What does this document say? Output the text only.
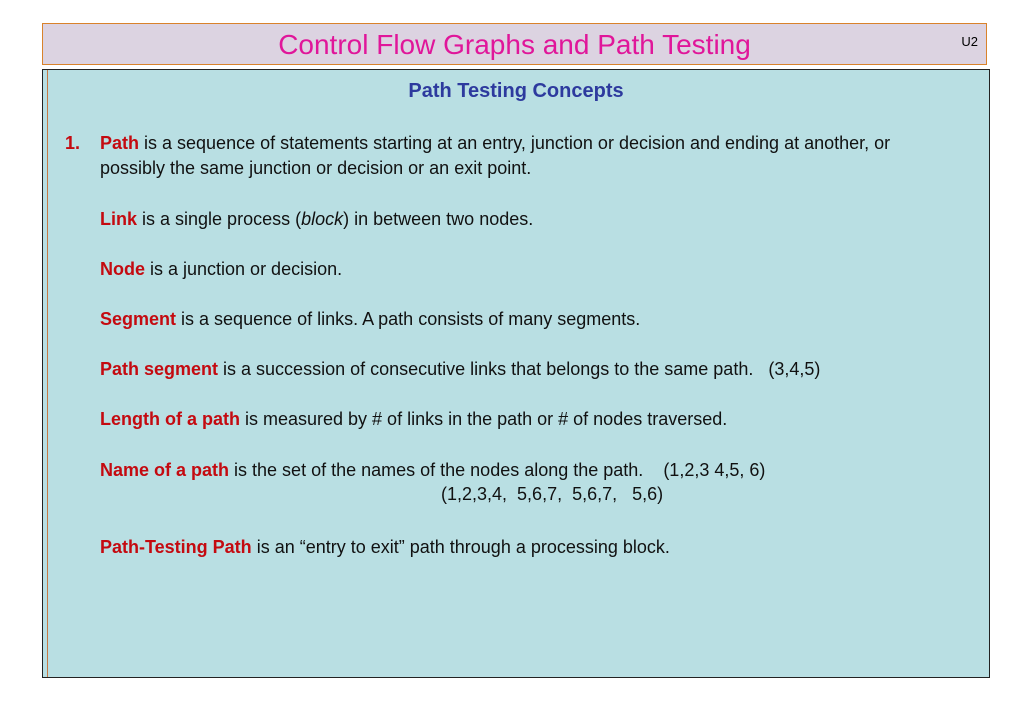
Control Flow Graphs and Path Testing	U2
Path Testing Concepts
1. Path is a sequence of statements starting at an entry, junction or decision and ending at another, or possibly the same junction or decision or an exit point.
Link is a single process (block) in between two nodes.
Node is a junction or decision.
Segment is a sequence of links. A path consists of many segments.
Path segment is a succession of consecutive links that belongs to the same path.   (3,4,5)
Length of a path is measured by # of links in the path or # of nodes traversed.
Name of a path is the set of the names of the nodes along the path.    (1,2,3 4,5, 6)
(1,2,3,4,  5,6,7,  5,6,7,   5,6)
Path-Testing Path is an “entry to exit” path through a processing block.
